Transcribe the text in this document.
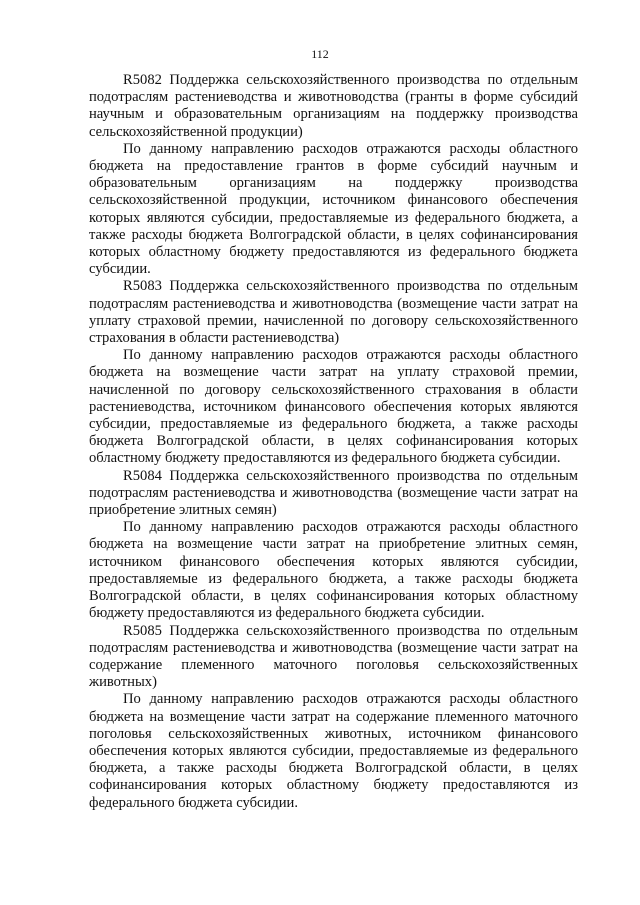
112

R5082 Поддержка сельскохозяйственного производства по отдельным подотраслям растениеводства и животноводства (гранты в форме субсидий научным и образовательным организациям на поддержку производства сельскохозяйственной продукции)

По данному направлению расходов отражаются расходы областного бюджета на предоставление грантов в форме субсидий научным и образовательным организациям на поддержку производства сельскохозяйственной продукции, источником финансового обеспечения которых являются субсидии, предоставляемые из федерального бюджета, а также расходы бюджета Волгоградской области, в целях софинансирования которых областному бюджету предоставляются из федерального бюджета субсидии.

R5083 Поддержка сельскохозяйственного производства по отдельным подотраслям растениеводства и животноводства (возмещение части затрат на уплату страховой премии, начисленной по договору сельскохозяйственного страхования в области растениеводства)

По данному направлению расходов отражаются расходы областного бюджета на возмещение части затрат на уплату страховой премии, начисленной по договору сельскохозяйственного страхования в области растениеводства, источником финансового обеспечения которых являются субсидии, предоставляемые из федерального бюджета, а также расходы бюджета Волгоградской области, в целях софинансирования которых областному бюджету предоставляются из федерального бюджета субсидии.

R5084 Поддержка сельскохозяйственного производства по отдельным подотраслям растениеводства и животноводства (возмещение части затрат на приобретение элитных семян)

По данному направлению расходов отражаются расходы областного бюджета на возмещение части затрат на приобретение элитных семян, источником финансового обеспечения которых являются субсидии, предоставляемые из федерального бюджета, а также расходы бюджета Волгоградской области, в целях софинансирования которых областному бюджету предоставляются из федерального бюджета субсидии.

R5085 Поддержка сельскохозяйственного производства по отдельным подотраслям растениеводства и животноводства (возмещение части затрат на содержание племенного маточного поголовья сельскохозяйственных животных)

По данному направлению расходов отражаются расходы областного бюджета на возмещение части затрат на содержание племенного маточного поголовья сельскохозяйственных животных, источником финансового обеспечения которых являются субсидии, предоставляемые из федерального бюджета, а также расходы бюджета Волгоградской области, в целях софинансирования которых областному бюджету предоставляются из федерального бюджета субсидии.
